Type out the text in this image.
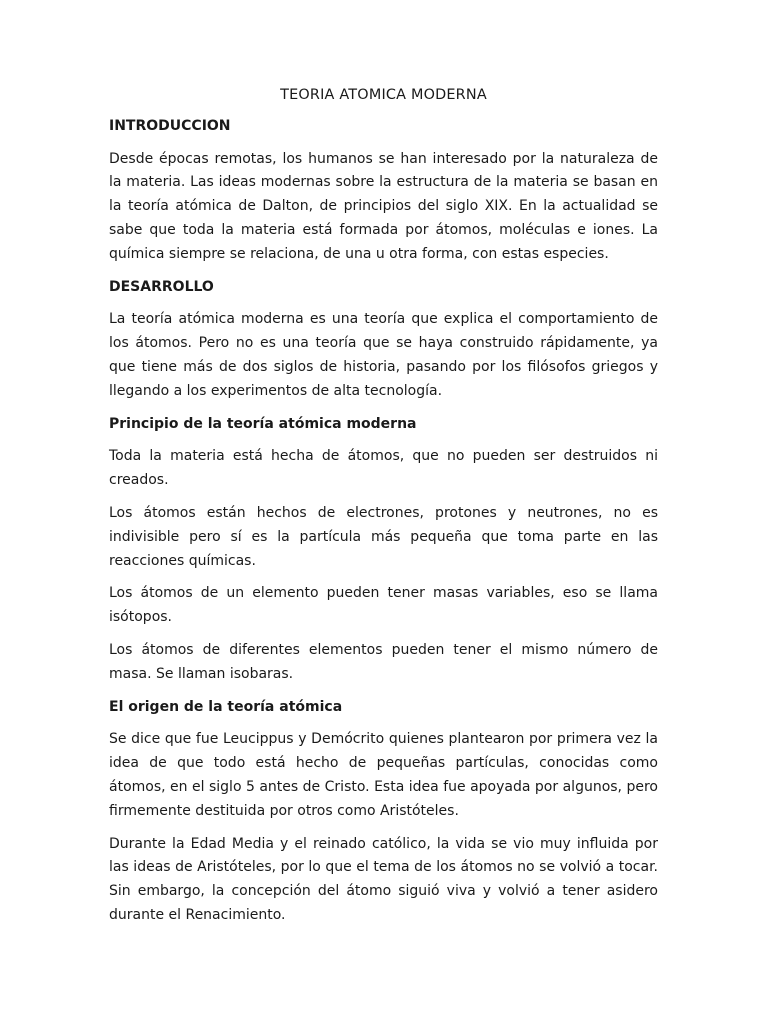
TEORIA ATOMICA MODERNA
INTRODUCCION

Desde épocas remotas, los humanos se han interesado por la naturaleza de la materia. Las ideas modernas sobre la estructura de la materia se basan en la teoría atómica de Dalton, de principios del siglo XIX. En la actualidad se sabe que toda la materia está formada por átomos, moléculas e iones. La química siempre se relaciona, de una u otra forma, con estas especies.

DESARROLLO

La teoría atómica moderna es una teoría que explica el comportamiento de los átomos. Pero no es una teoría que se haya construido rápidamente, ya que tiene más de dos siglos de historia, pasando por los filósofos griegos y llegando a los experimentos de alta tecnología.

Principio de la teoría atómica moderna

Toda la materia está hecha de átomos, que no pueden ser destruidos ni creados.

Los átomos están hechos de electrones, protones y neutrones, no es indivisible pero sí es la partícula más pequeña que toma parte en las reacciones químicas.

Los átomos de un elemento pueden tener masas variables, eso se llama isótopos.

Los átomos de diferentes elementos pueden tener el mismo número de masa. Se llaman isobaras.

El origen de la teoría atómica

Se dice que fue Leucippus y Demócrito quienes plantearon por primera vez la idea de que todo está hecho de pequeñas partículas, conocidas como átomos, en el siglo 5 antes de Cristo. Esta idea fue apoyada por algunos, pero firmemente destituida por otros como Aristóteles.

Durante la Edad Media y el reinado católico, la vida se vio muy influida por las ideas de Aristóteles, por lo que el tema de los átomos no se volvió a tocar. Sin embargo, la concepción del átomo siguió viva y volvió a tener asidero durante el Renacimiento.
